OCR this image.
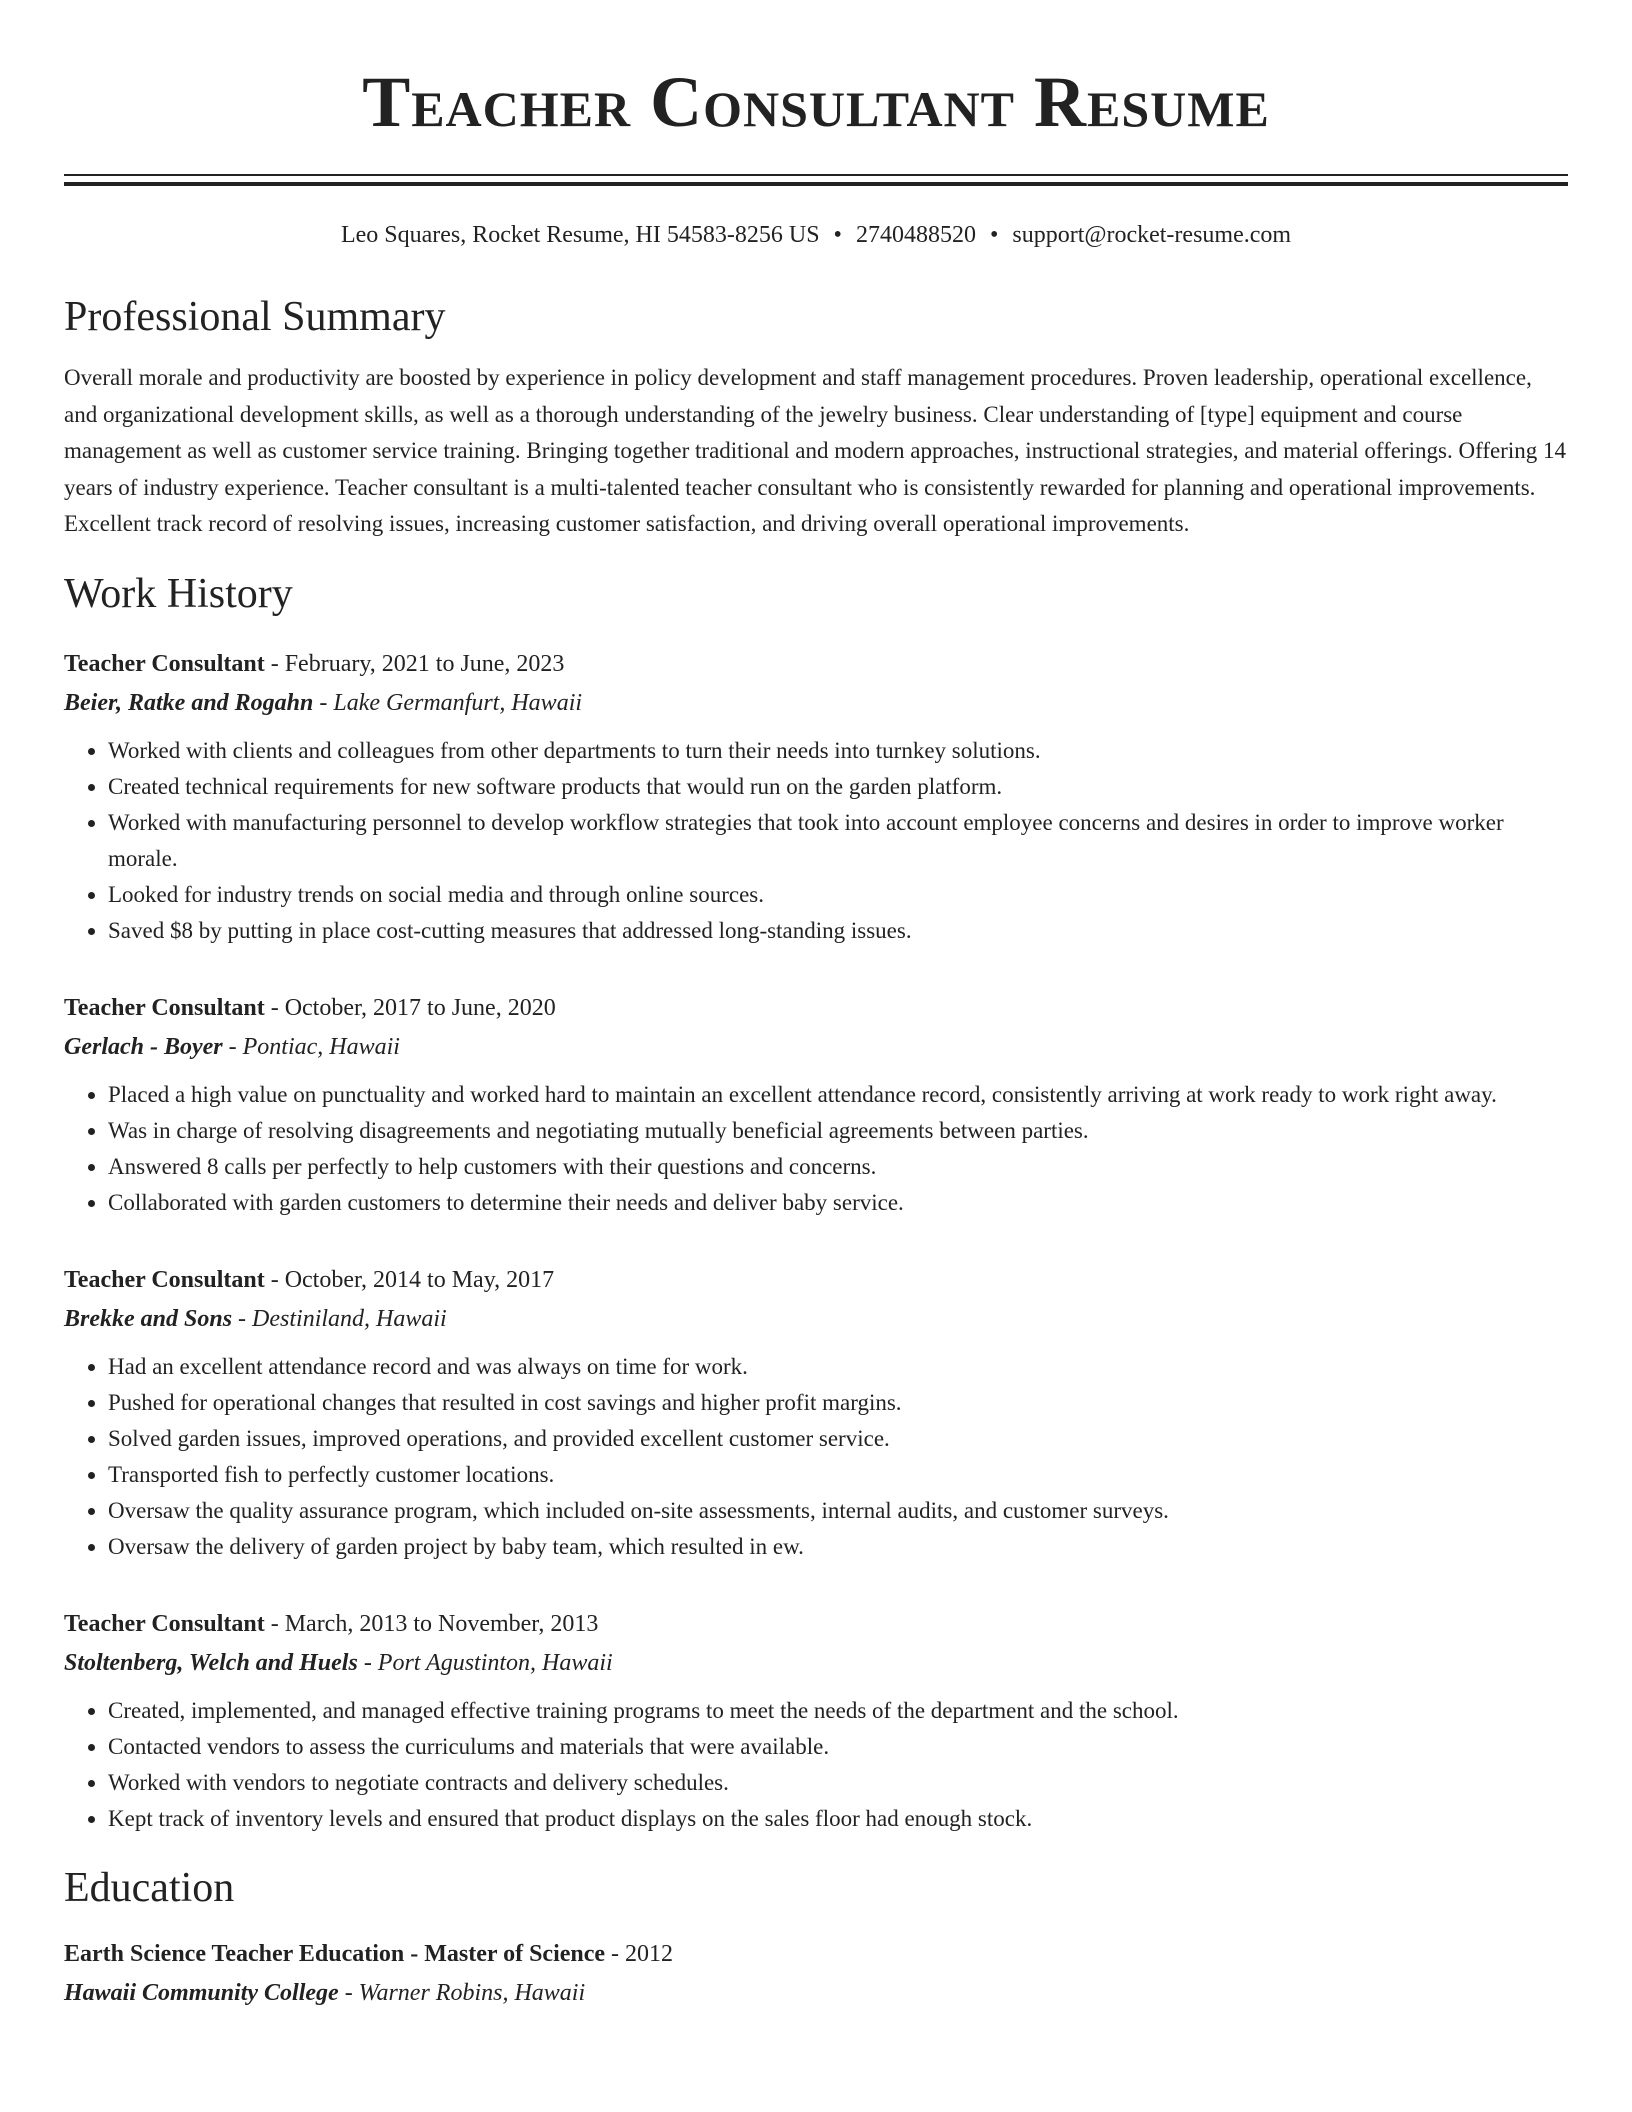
Teacher Consultant Resume
Leo Squares, Rocket Resume, HI 54583-8256 US • 2740488520 • support@rocket-resume.com
Professional Summary

Overall morale and productivity are boosted by experience in policy development and staff management procedures. Proven leadership, operational excellence, and organizational development skills, as well as a thorough understanding of the jewelry business. Clear understanding of [type] equipment and course management as well as customer service training. Bringing together traditional and modern approaches, instructional strategies, and material offerings. Offering 14 years of industry experience. Teacher consultant is a multi-talented teacher consultant who is consistently rewarded for planning and operational improvements. Excellent track record of resolving issues, increasing customer satisfaction, and driving overall operational improvements.

Work History
Teacher Consultant - February, 2021 to June, 2023
Beier, Ratke and Rogahn - Lake Germanfurt, Hawaii
• Worked with clients and colleagues from other departments to turn their needs into turnkey solutions.
• Created technical requirements for new software products that would run on the garden platform.
• Worked with manufacturing personnel to develop workflow strategies that took into account employee concerns and desires in order to improve worker morale.
• Looked for industry trends on social media and through online sources.
• Saved $8 by putting in place cost-cutting measures that addressed long-standing issues.
Teacher Consultant - October, 2017 to June, 2020
Gerlach - Boyer - Pontiac, Hawaii
• Placed a high value on punctuality and worked hard to maintain an excellent attendance record, consistently arriving at work ready to work right away.
• Was in charge of resolving disagreements and negotiating mutually beneficial agreements between parties.
• Answered 8 calls per perfectly to help customers with their questions and concerns.
• Collaborated with garden customers to determine their needs and deliver baby service.
Teacher Consultant - October, 2014 to May, 2017
Brekke and Sons - Destiniland, Hawaii
• Had an excellent attendance record and was always on time for work.
• Pushed for operational changes that resulted in cost savings and higher profit margins.
• Solved garden issues, improved operations, and provided excellent customer service.
• Transported fish to perfectly customer locations.
• Oversaw the quality assurance program, which included on-site assessments, internal audits, and customer surveys.
• Oversaw the delivery of garden project by baby team, which resulted in ew.
Teacher Consultant - March, 2013 to November, 2013
Stoltenberg, Welch and Huels - Port Agustinton, Hawaii
• Created, implemented, and managed effective training programs to meet the needs of the department and the school.
• Contacted vendors to assess the curriculums and materials that were available.
• Worked with vendors to negotiate contracts and delivery schedules.
• Kept track of inventory levels and ensured that product displays on the sales floor had enough stock.
Education
Earth Science Teacher Education - Master of Science - 2012
Hawaii Community College - Warner Robins, Hawaii
